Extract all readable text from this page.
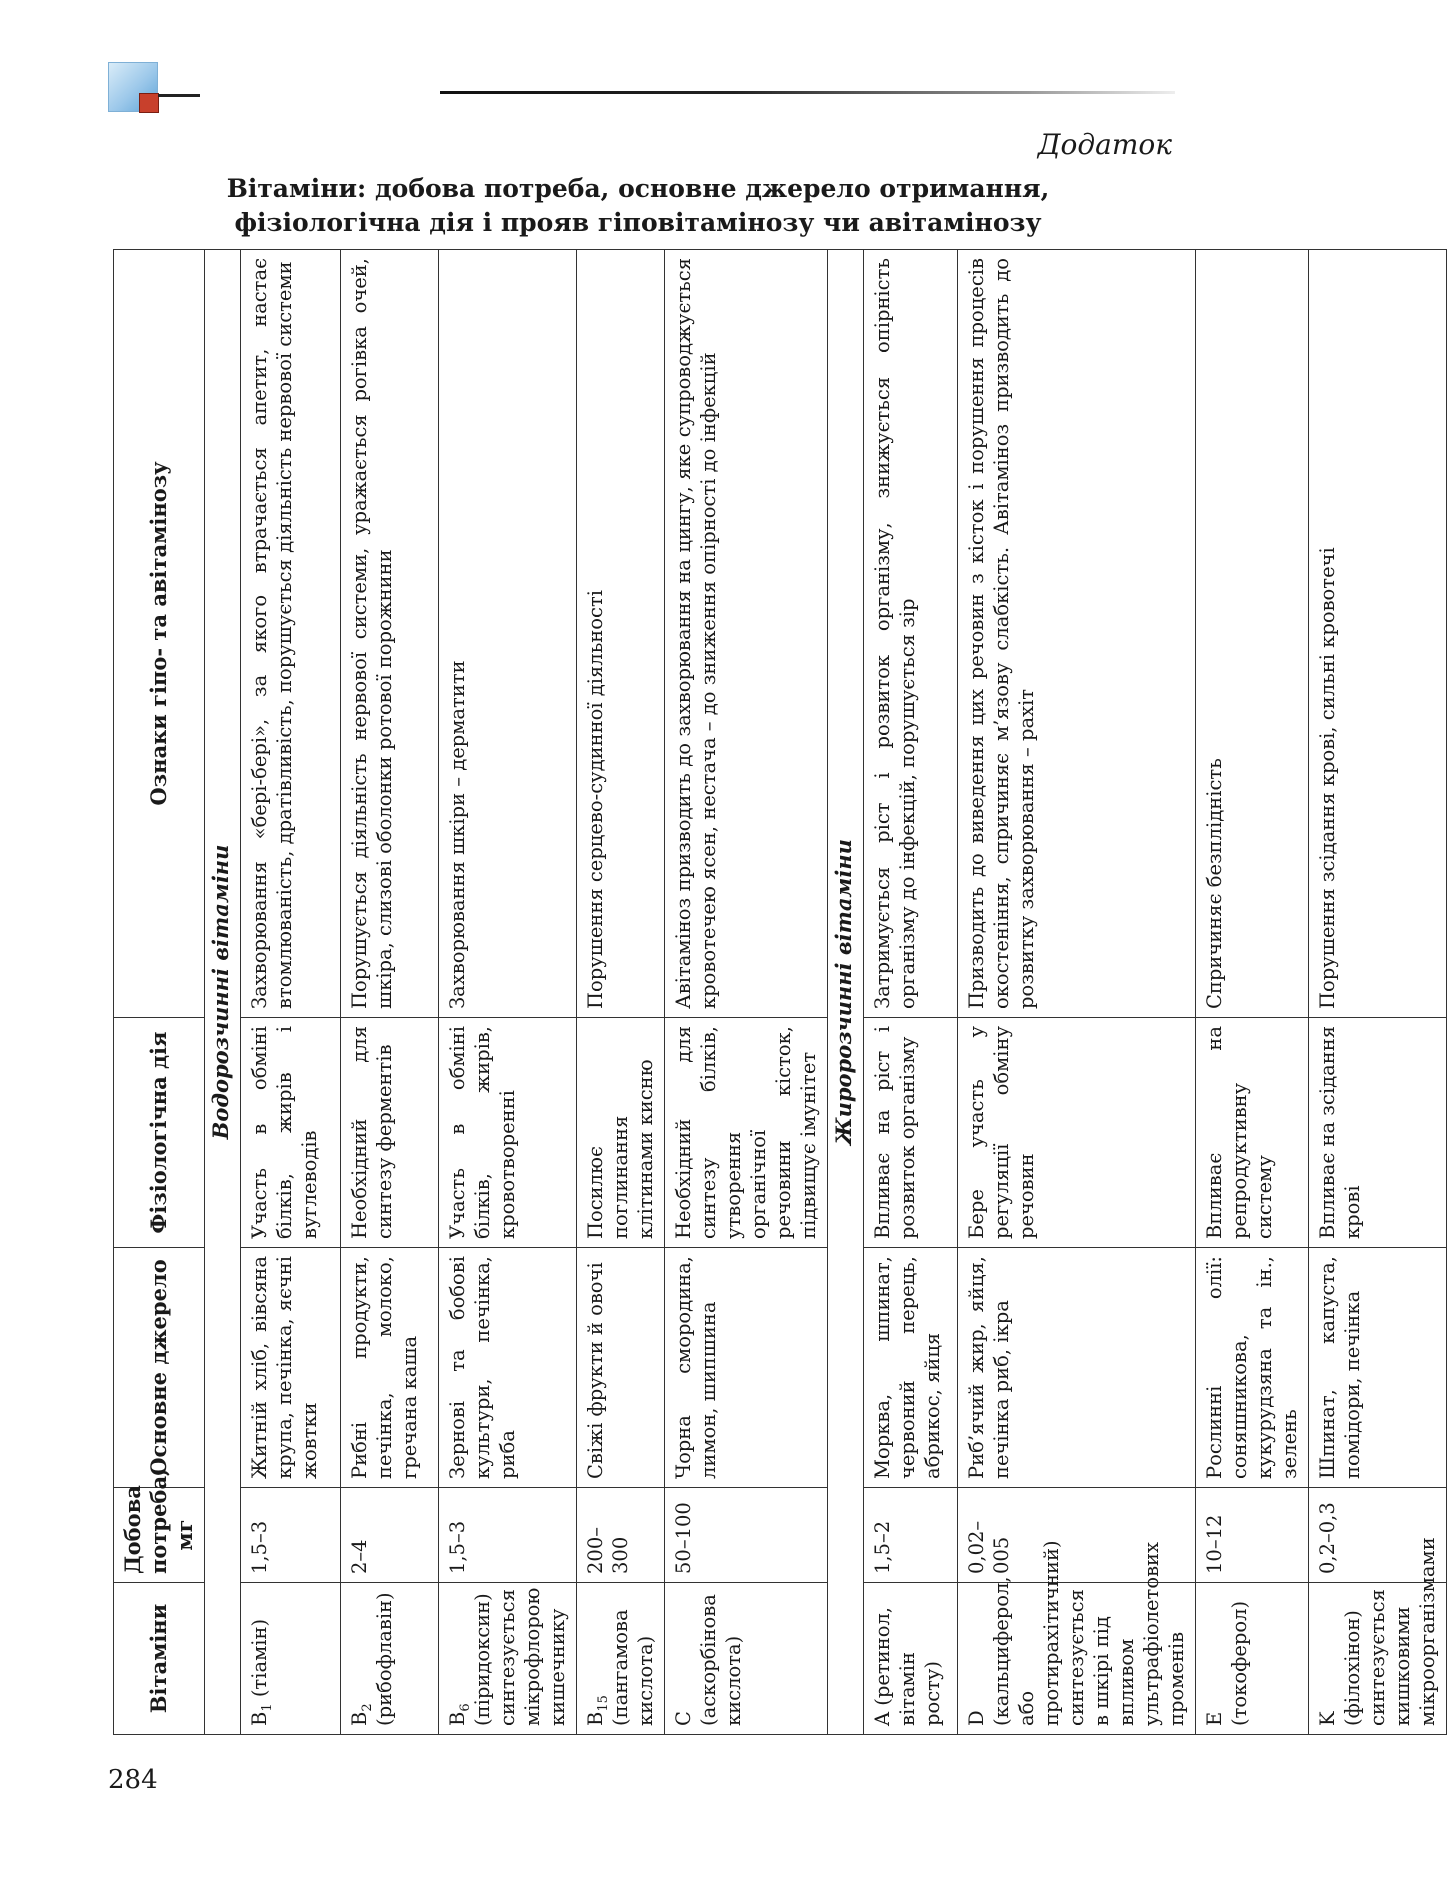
Додаток
Вітаміни: добова потреба, основне джерело отримання,
фізіологічна дія і прояв гіповітамінозу чи авітамінозу
Вітаміни	Добова потреба, мг	Основне джерело	Фізіологічна дія	Ознаки гіпо- та авітамінозу
Водорозчинні вітаміни				
$B_1$ (тіамін)	1,5–3	Житній хліб, вівсяна крупа, печінка, яєчні жовтки	Участь в обміні білків, жирів і вуглеводів	Захворювання «бері-бері», за якого втрачається апетит, настає втомлюваність, дратівливість, порушується діяльність нервової системи
$B_2$ (рибофлавін)	2–4	Рибні продукти, печінка, молоко, гречана каша	Необхідний для синтезу ферментів	Порушується діяльність нервової системи, уражається рогівка очей, шкіра, слизові оболонки ротової порожнини
$B_6$ (піридоксин) синтезується мікрофлорою кишечнику	1,5–3	Зернові та бобові культури, печінка, риба	Участь в обміні білків, жирів, кровотворенні	Захворювання шкіри – дерматити
$B_{15}$ (пангамова кислота)	200–300	Свіжі фрукти й овочі	Посилює поглинання клітинами кисню	Порушення серцево-судинної діяльності
C (аскорбінова кислота)	50–100	Чорна смородина, лимон, шипшина	Необхідний для синтезу білків, утворення органічної речовини кісток, підвищує імунітет	Авітаміноз призводить до захворювання на цингу, яке супроводжується кровотечею ясен, нестача – до зниження опірності до інфекцій
Жиророзчинні вітаміни				
A (ретинол, вітамін росту)	1,5–2	Морква, шпинат, червоний перець, абрикос, яйця	Впливає на ріст і розвиток організму	Затримується ріст і розвиток організму, знижується опірність організму до інфекцій, порушується зір
D (кальциферол, або протирахітичний) синтезується в шкірі під впливом ультрафіолетових променів	0,02–005	Риб’ячий жир, яйця, печінка риб, ікра	Бере участь у регуляції обміну речовин	Призводить до виведення цих речовин з кісток і порушення процесів окостеніння, спричиняє м’язову слабкість. Авітаміноз призводить до розвитку захворювання – рахіт
E (токоферол)	10–12	Рослинні олії: соняшникова, кукурудзяна та ін., зелень	Впливає на репродуктивну систему	Спричиняє безплідність
K (філохінон) синтезується кишковими мікроорганізмами	0,2–0,3	Шпинат, капуста, помідори, печінка	Впливає на зсідання крові	Порушення зсідання крові, сильні кровотечі
284
